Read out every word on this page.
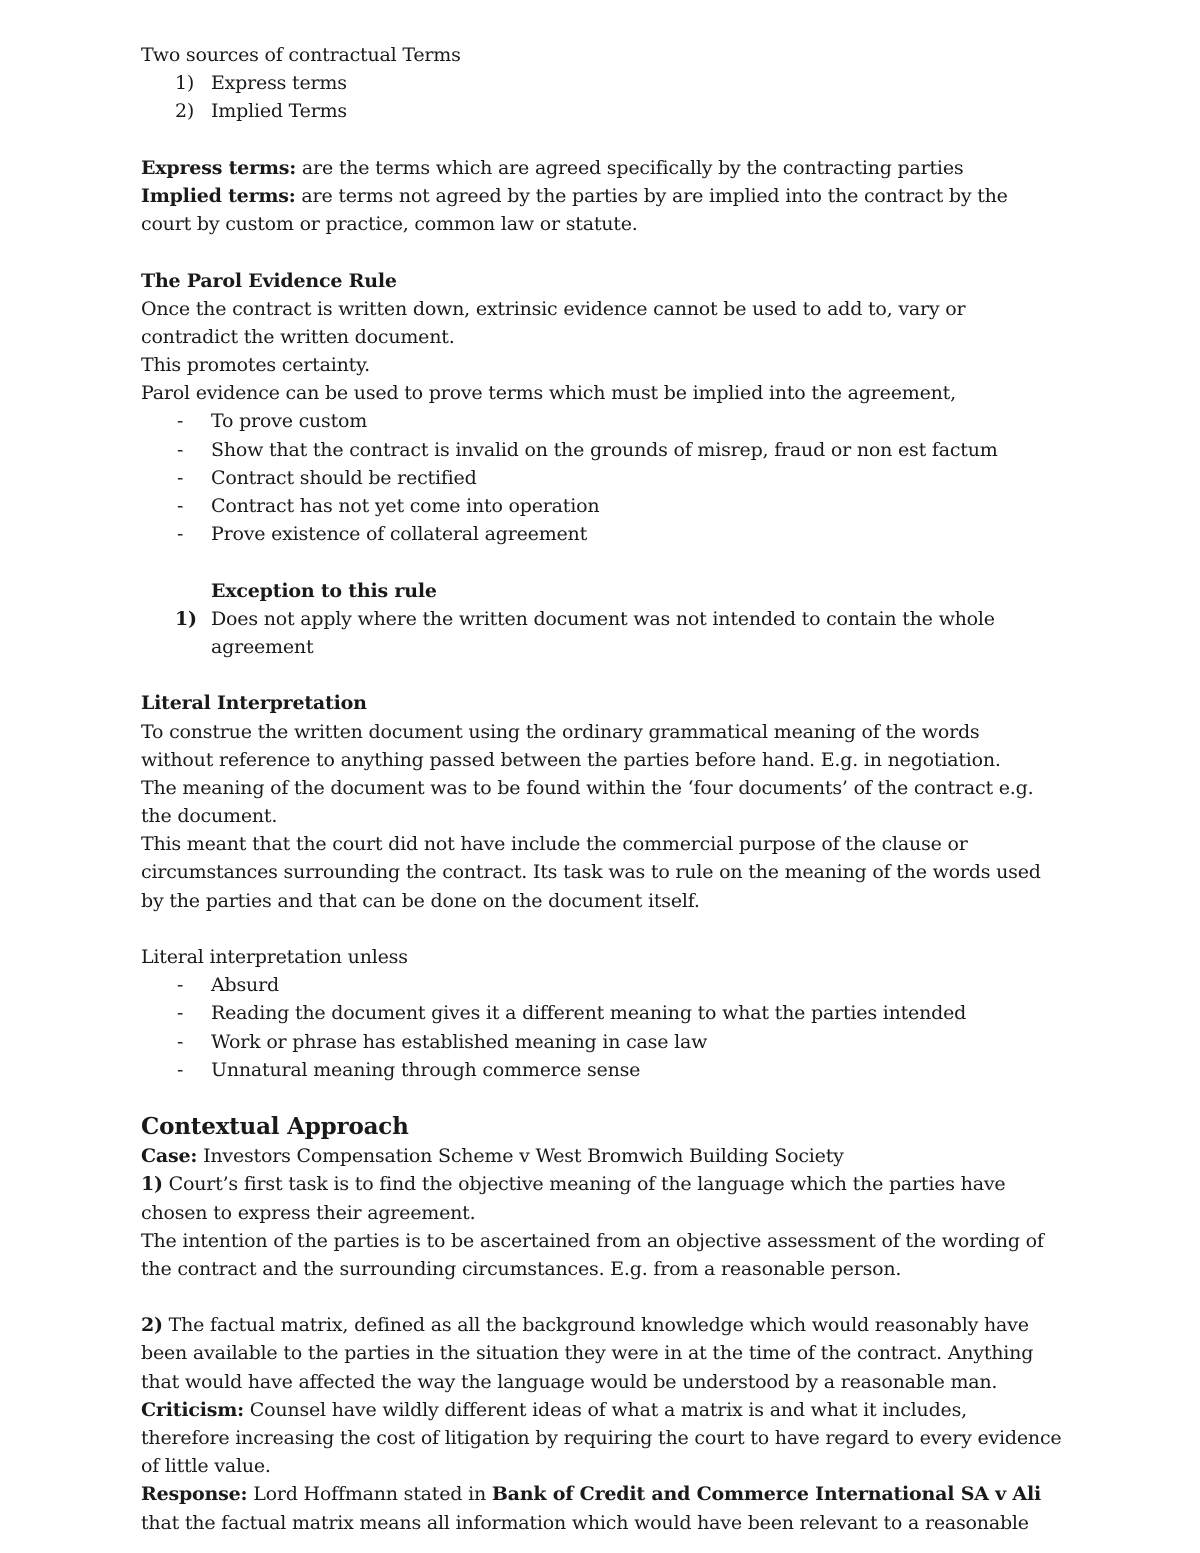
Two sources of contractual Terms
1) Express terms
2) Implied Terms
Express terms: are the terms which are agreed specifically by the contracting parties
Implied terms: are terms not agreed by the parties by are implied into the contract by the
court by custom or practice, common law or statute.
The Parol Evidence Rule
Once the contract is written down, extrinsic evidence cannot be used to add to, vary or
contradict the written document.
This promotes certainty.
Parol evidence can be used to prove terms which must be implied into the agreement,
- To prove custom
- Show that the contract is invalid on the grounds of misrep, fraud or non est factum
- Contract should be rectified
- Contract has not yet come into operation
- Prove existence of collateral agreement
Exception to this rule
1) Does not apply where the written document was not intended to contain the whole
agreement
Literal Interpretation
To construe the written document using the ordinary grammatical meaning of the words
without reference to anything passed between the parties before hand. E.g. in negotiation.
The meaning of the document was to be found within the ‘four documents’ of the contract e.g.
the document.
This meant that the court did not have include the commercial purpose of the clause or
circumstances surrounding the contract. Its task was to rule on the meaning of the words used
by the parties and that can be done on the document itself.
Literal interpretation unless
- Absurd
- Reading the document gives it a different meaning to what the parties intended
- Work or phrase has established meaning in case law
- Unnatural meaning through commerce sense
Contextual Approach
Case: Investors Compensation Scheme v West Bromwich Building Society
1) Court’s first task is to find the objective meaning of the language which the parties have
chosen to express their agreement.
The intention of the parties is to be ascertained from an objective assessment of the wording of
the contract and the surrounding circumstances. E.g. from a reasonable person.
2) The factual matrix, defined as all the background knowledge which would reasonably have
been available to the parties in the situation they were in at the time of the contract. Anything
that would have affected the way the language would be understood by a reasonable man.
Criticism: Counsel have wildly different ideas of what a matrix is and what it includes,
therefore increasing the cost of litigation by requiring the court to have regard to every evidence
of little value.
Response: Lord Hoffmann stated in Bank of Credit and Commerce International SA v Ali
that the factual matrix means all information which would have been relevant to a reasonable
